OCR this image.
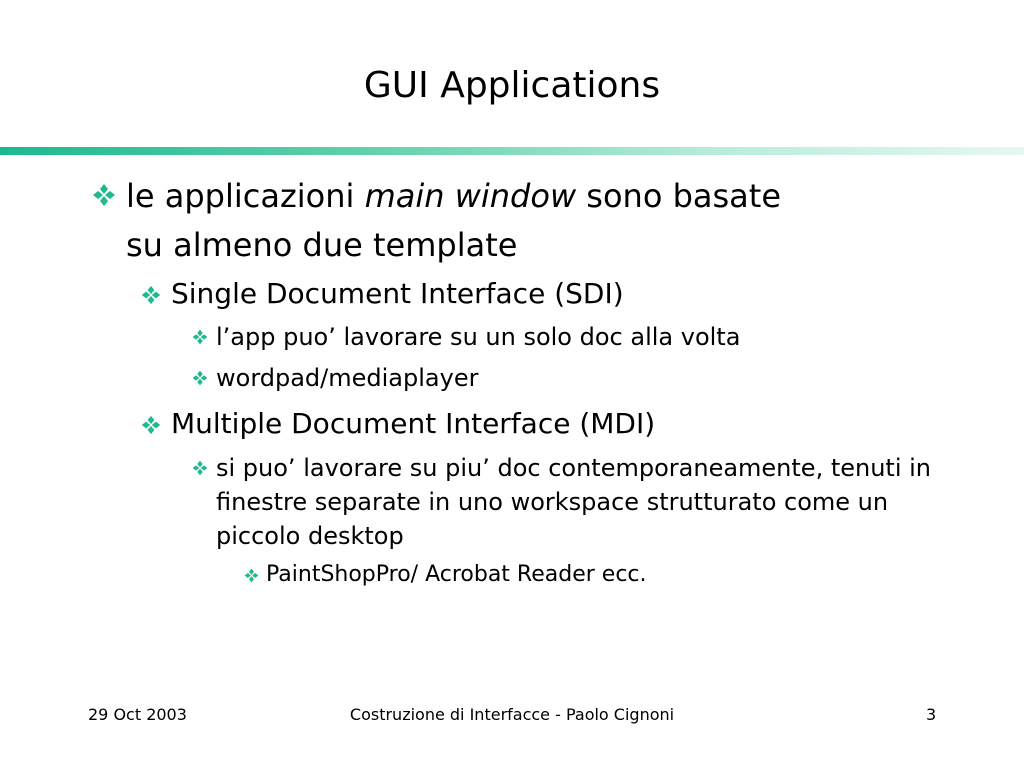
GUI Applications
le applicazioni main window sono basate su almeno due template
Single Document Interface (SDI)
l’app puo’ lavorare su un solo doc alla volta
wordpad/mediaplayer
Multiple Document Interface (MDI)
si puo’ lavorare su piu’ doc contemporaneamente, tenuti in finestre separate in uno workspace strutturato come un piccolo desktop
PaintShopPro/ Acrobat Reader ecc.
29 Oct 2003	Costruzione di Interfacce - Paolo Cignoni	3
